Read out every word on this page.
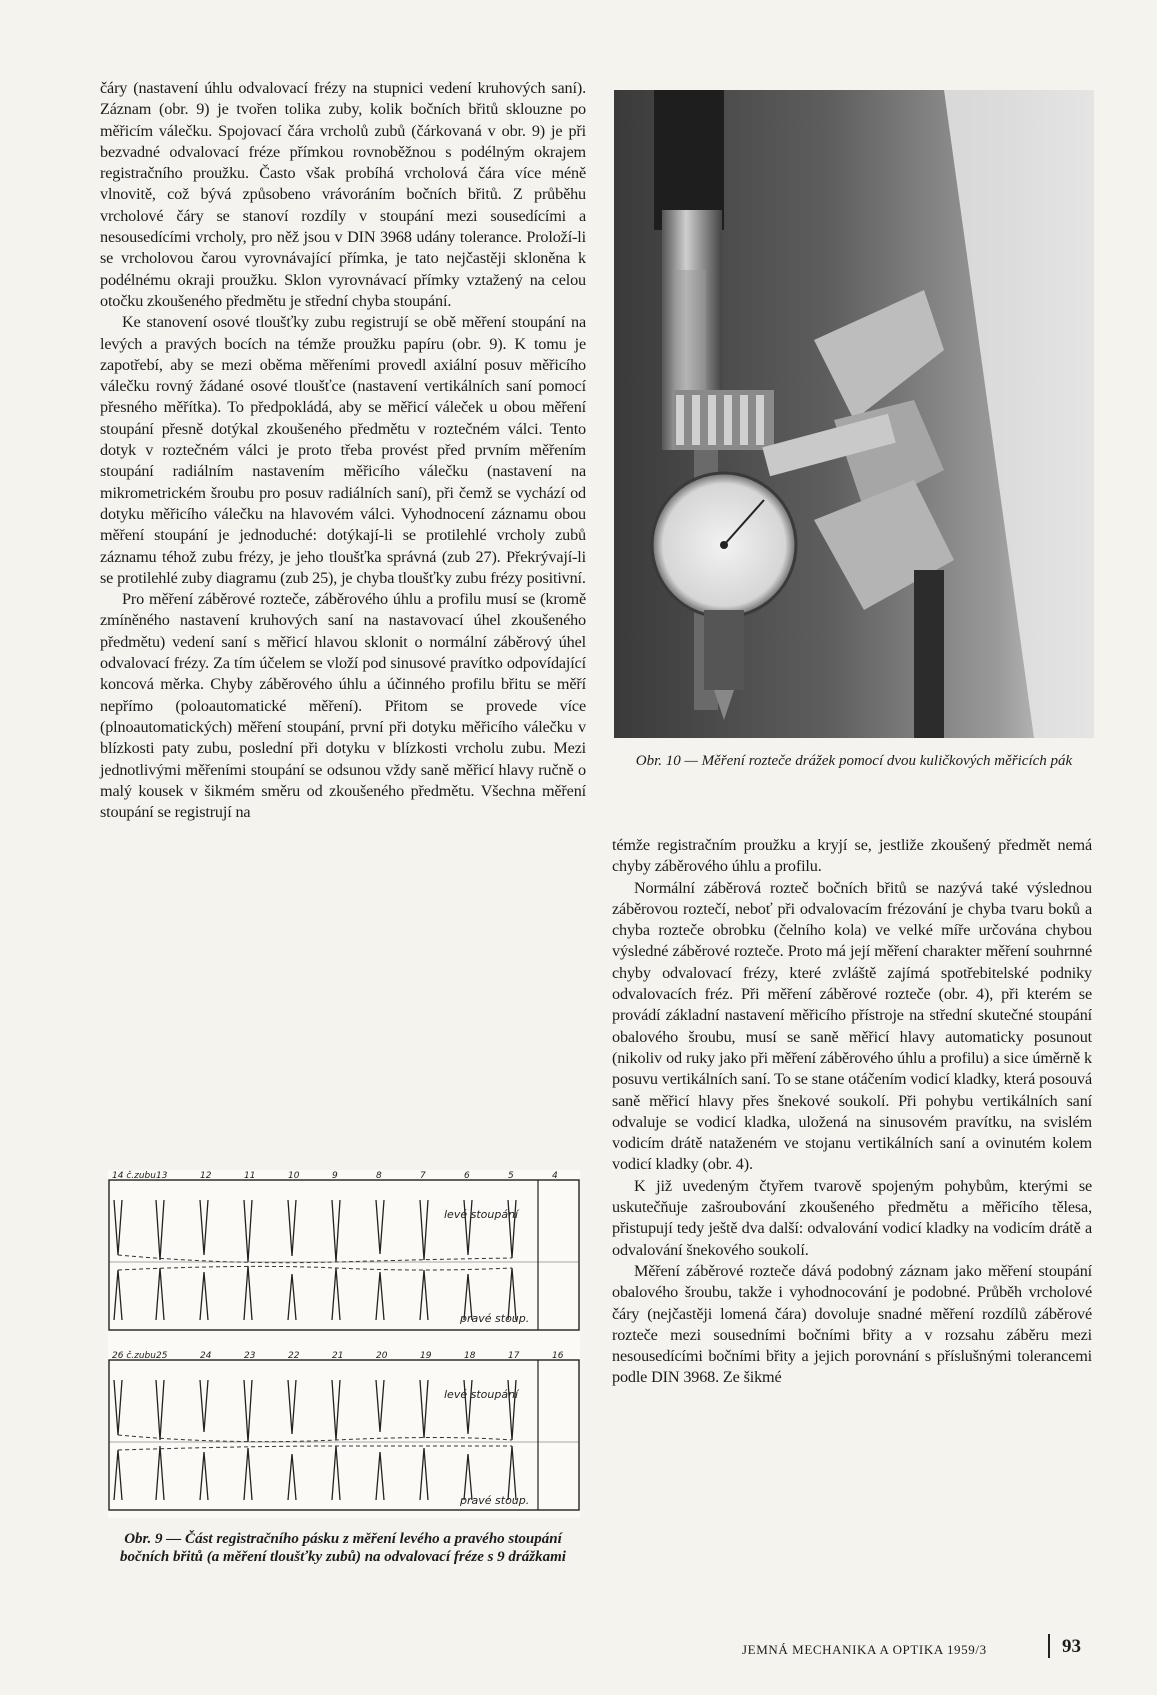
čáry (nastavení úhlu odvalovací frézy na stupnici vedení kruhových saní). Záznam (obr. 9) je tvořen tolika zuby, kolik bočních břitů sklouzne po měřicím válečku. Spojovací čára vrcholů zubů (čárkovaná v obr. 9) je při bezvadné odvalovací fréze přímkou rovnoběžnou s podélným okrajem registračního proužku. Často však probíhá vrcholová čára více méně vlnovitě, což bývá způsobeno vrávoráním bočních břitů. Z průběhu vrcholové čáry se stanoví rozdíly v stoupání mezi sousedícími a nesousedícími vrcholy, pro něž jsou v DIN 3968 udány tolerance. Proloží-li se vrcholovou čarou vyrovnávající přímka, je tato nejčastěji skloněna k podélnému okraji proužku. Sklon vyrovnávací přímky vztažený na celou otočku zkoušeného předmětu je střední chyba stoupání.

Ke stanovení osové tloušťky zubu registrují se obě měření stoupání na levých a pravých bocích na témže proužku papíru (obr. 9). K tomu je zapotřebí, aby se mezi oběma měřeními provedl axiální posuv měřicího válečku rovný žádané osové tloušťce (nastavení vertikálních saní pomocí přesného měřítka). To předpokládá, aby se měřicí váleček u obou měření stoupání přesně dotýkal zkoušeného předmětu v roztečném válci. Tento dotyk v roztečném válci je proto třeba provést před prvním měřením stoupání radiálním nastavením měřicího válečku (nastavení na mikrometrickém šroubu pro posuv radiálních saní), při čemž se vychází od dotyku měřicího válečku na hlavovém válci. Vyhodnocení záznamu obou měření stoupání je jednoduché: dotýkají-li se protilehlé vrcholy zubů záznamu téhož zubu frézy, je jeho tloušťka správná (zub 27). Překrývají-li se protilehlé zuby diagramu (zub 25), je chyba tloušťky zubu frézy positivní.

Pro měření záběrové rozteče, záběrového úhlu a profilu musí se (kromě zmíněného nastavení kruhových saní na nastavovací úhel zkoušeného předmětu) vedení saní s měřicí hlavou sklonit o normální záběrový úhel odvalovací frézy. Za tím účelem se vloží pod sinusové pravítko odpovídající koncová měrka. Chyby záběrového úhlu a účinného profilu břitu se měří nepřímo (poloautomatické měření). Přitom se provede více (plnoautomatických) měření stoupání, první při dotyku měřicího válečku v blízkosti paty zubu, poslední při dotyku v blízkosti vrcholu zubu. Mezi jednotlivými měřeními stoupání se odsunou vždy saně měřicí hlavy ručně o malý kousek v šikmém směru od zkoušeného předmětu. Všechna měření stoupání se registrují na

Obr. 10 — Měření rozteče drážek pomocí dvou kuličkových měřicích pák

témže registračním proužku a kryjí se, jestliže zkoušený předmět nemá chyby záběrového úhlu a profilu.

Normální záběrová rozteč bočních břitů se nazývá také výslednou záběrovou roztečí, neboť při odvalovacím frézování je chyba tvaru boků a chyba rozteče obrobku (čelního kola) ve velké míře určována chybou výsledné záběrové rozteče. Proto má její měření charakter měření souhrnné chyby odvalovací frézy, které zvláště zajímá spotřebitelské podniky odvalovacích fréz. Při měření záběrové rozteče (obr. 4), při kterém se provádí základní nastavení měřicího přístroje na střední skutečné stoupání obalového šroubu, musí se saně měřicí hlavy automaticky posunout (nikoliv od ruky jako při měření záběrového úhlu a profilu) a sice úměrně k posuvu vertikálních saní. To se stane otáčením vodicí kladky, která posouvá saně měřicí hlavy přes šnekové soukolí. Při pohybu vertikálních saní odvaluje se vodicí kladka, uložená na sinusovém pravítku, na svislém vodicím drátě nataženém ve stojanu vertikálních saní a ovinutém kolem vodicí kladky (obr. 4).

K již uvedeným čtyřem tvarově spojeným pohybům, kterými se uskutečňuje zašroubování zkoušeného předmětu a měřicího tělesa, přistupují tedy ještě dva další: odvalování vodicí kladky na vodicím drátě a odvalování šnekového soukolí.

Měření záběrové rozteče dává podobný záznam jako měření stoupání obalového šroubu, takže i vyhodnocování je podobné. Průběh vrcholové čáry (nejčastěji lomená čára) dovoluje snadné měření rozdílů záběrové rozteče mezi sousedními bočními břity a v rozsahu záběru mezi nesousedícími bočními břity a jejich porovnání s příslušnými tolerancemi podle DIN 3968. Ze šikmé

14 č.zubu13
26 č.zubu25
12	11	10	9	8	7	6	5	4
24	23	22	21	20	19	18	17	16
levé stoupání
pravé stoup.
levé stoupání
pravé stoup.

Obr. 9 — Část registračního pásku z měření levého a pravého stoupání bočních břitů (a měření tloušťky zubů) na odvalovací fréze s 9 drážkami

JEMNÁ MECHANIKA A OPTIKA 1959/3	93
